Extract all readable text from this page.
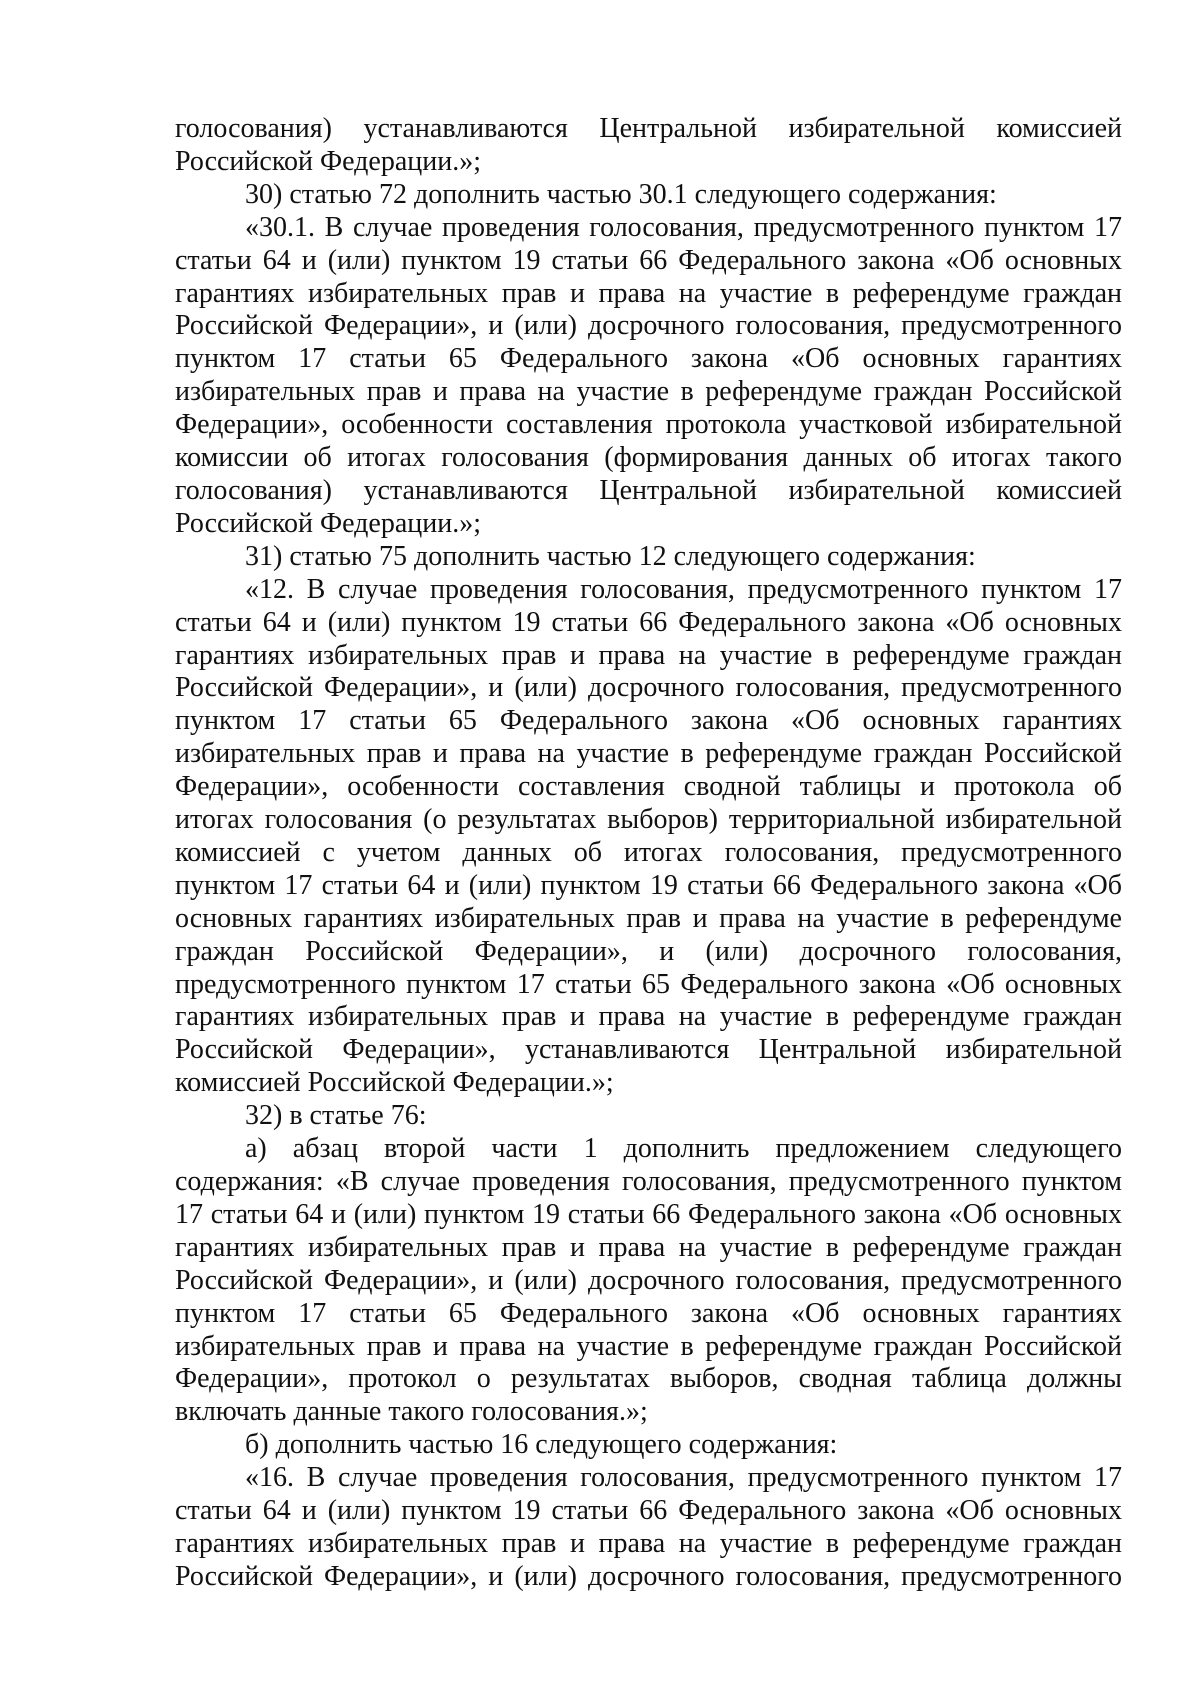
голосования) устанавливаются Центральной избирательной комиссией Российской Федерации.»;

30) статью 72 дополнить частью 30.1 следующего содержания:

«30.1. В случае проведения голосования, предусмотренного пунктом 17 статьи 64 и (или) пунктом 19 статьи 66 Федерального закона «Об основных гарантиях избирательных прав и права на участие в референдуме граждан Российской Федерации», и (или) досрочного голосования, предусмотренного пунктом 17 статьи 65 Федерального закона «Об основных гарантиях избирательных прав и права на участие в референдуме граждан Российской Федерации», особенности составления протокола участковой избирательной комиссии об итогах голосования (формирования данных об итогах такого голосования) устанавливаются Центральной избирательной комиссией Российской Федерации.»;

31) статью 75 дополнить частью 12 следующего содержания:

«12. В случае проведения голосования, предусмотренного пунктом 17 статьи 64 и (или) пунктом 19 статьи 66 Федерального закона «Об основных гарантиях избирательных прав и права на участие в референдуме граждан Российской Федерации», и (или) досрочного голосования, предусмотренного пунктом 17 статьи 65 Федерального закона «Об основных гарантиях избирательных прав и права на участие в референдуме граждан Российской Федерации», особенности составления сводной таблицы и протокола об итогах голосования (о результатах выборов) территориальной избирательной комиссией с учетом данных об итогах голосования, предусмотренного пунктом 17 статьи 64 и (или) пунктом 19 статьи 66 Федерального закона «Об основных гарантиях избирательных прав и права на участие в референдуме граждан Российской Федерации», и (или) досрочного голосования, предусмотренного пунктом 17 статьи 65 Федерального закона «Об основных гарантиях избирательных прав и права на участие в референдуме граждан Российской Федерации», устанавливаются Центральной избирательной комиссией Российской Федерации.»;

32) в статье 76:

а) абзац второй части 1 дополнить предложением следующего содержания: «В случае проведения голосования, предусмотренного пунктом 17 статьи 64 и (или) пунктом 19 статьи 66 Федерального закона «Об основных гарантиях избирательных прав и права на участие в референдуме граждан Российской Федерации», и (или) досрочного голосования, предусмотренного пунктом 17 статьи 65 Федерального закона «Об основных гарантиях избирательных прав и права на участие в референдуме граждан Российской Федерации», протокол о результатах выборов, сводная таблица должны включать данные такого голосования.»;

б) дополнить частью 16 следующего содержания:

«16. В случае проведения голосования, предусмотренного пунктом 17 статьи 64 и (или) пунктом 19 статьи 66 Федерального закона «Об основных гарантиях избирательных прав и права на участие в референдуме граждан Российской Федерации», и (или) досрочного голосования, предусмотренного
